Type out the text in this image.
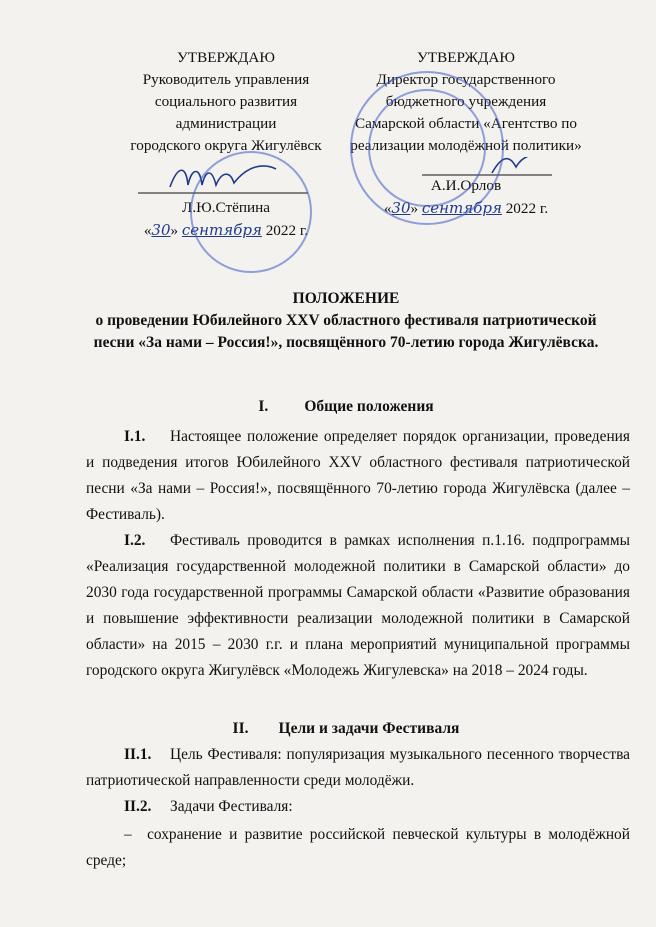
УТВЕРЖДАЮ
Руководитель управления
социального развития администрации
городского округа Жигулёвск
Л.Ю.Стёпина
«30» сентября 2022 г.
УТВЕРЖДАЮ
Директор государственного
бюджетного учреждения
Самарской области «Агентство по
реализации молодёжной политики»
А.И.Орлов
«30» сентября 2022 г.
ПОЛОЖЕНИЕ
о проведении Юбилейного XXV областного фестиваля патриотической
песни «За нами – Россия!», посвящённого 70-летию города Жигулёвска.
I. Общие положения
I.1. Настоящее положение определяет порядок организации, проведения и подведения итогов Юбилейного XXV областного фестиваля патриотической песни «За нами – Россия!», посвящённого 70-летию города Жигулёвска (далее – Фестиваль).
I.2. Фестиваль проводится в рамках исполнения п.1.16. подпрограммы «Реализация государственной молодежной политики в Самарской области» до 2030 года государственной программы Самарской области «Развитие образования и повышение эффективности реализации молодежной политики в Самарской области» на 2015 – 2030 г.г. и плана мероприятий муниципальной программы городского округа Жигулёвск «Молодежь Жигулевска» на 2018 – 2024 годы.
II. Цели и задачи Фестиваля
II.1. Цель Фестиваля: популяризация музыкального песенного творчества патриотической направленности среди молодёжи.
II.2. Задачи Фестиваля:
– сохранение и развитие российской певческой культуры в молодёжной среде;
